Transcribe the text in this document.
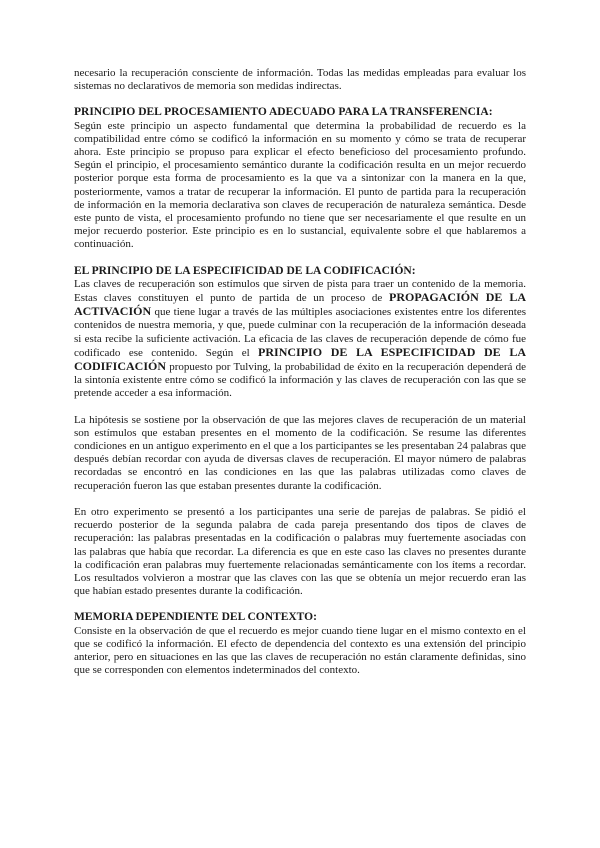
necesario la recuperación consciente de información. Todas las medidas empleadas para evaluar los sistemas no declarativos de memoria son medidas indirectas.

PRINCIPIO DEL PROCESAMIENTO ADECUADO PARA LA TRANSFERENCIA:

Según este principio un aspecto fundamental que determina la probabilidad de recuerdo es la compatibilidad entre cómo se codificó la información en su momento y cómo se trata de recuperar ahora. Este principio se propuso para explicar el efecto beneficioso del procesamiento profundo. Según el principio, el procesamiento semántico durante la codificación resulta en un mejor recuerdo posterior porque esta forma de procesamiento es la que va a sintonizar con la manera en la que, posteriormente, vamos a tratar de recuperar la información. El punto de partida para la recuperación de información en la memoria declarativa son claves de recuperación de naturaleza semántica. Desde este punto de vista, el procesamiento profundo no tiene que ser necesariamente el que resulte en un mejor recuerdo posterior. Este principio es en lo sustancial, equivalente sobre el que hablaremos a continuación.

EL PRINCIPIO DE LA ESPECIFICIDAD DE LA CODIFICACIÓN:

Las claves de recuperación son estímulos que sirven de pista para traer un contenido de la memoria. Estas claves constituyen el punto de partida de un proceso de PROPAGACIÓN DE LA ACTIVACIÓN que tiene lugar a través de las múltiples asociaciones existentes entre los diferentes contenidos de nuestra memoria, y que, puede culminar con la recuperación de la información deseada si esta recibe la suficiente activación. La eficacia de las claves de recuperación depende de cómo fue codificado ese contenido. Según el PRINCIPIO DE LA ESPECIFICIDAD DE LA CODIFICACIÓN propuesto por Tulving, la probabilidad de éxito en la recuperación dependerá de la sintonía existente entre cómo se codificó la información y las claves de recuperación con las que se pretende acceder a esa información.

La hipótesis se sostiene por la observación de que las mejores claves de recuperación de un material son estímulos que estaban presentes en el momento de la codificación. Se resume las diferentes condiciones en un antiguo experimento en el que a los participantes se les presentaban 24 palabras que después debían recordar con ayuda de diversas claves de recuperación. El mayor número de palabras recordadas se encontró en las condiciones en las que las palabras utilizadas como claves de recuperación fueron las que estaban presentes durante la codificación.

En otro experimento se presentó a los participantes una serie de parejas de palabras. Se pidió el recuerdo posterior de la segunda palabra de cada pareja presentando dos tipos de claves de recuperación: las palabras presentadas en la codificación o palabras muy fuertemente asociadas con las palabras que había que recordar. La diferencia es que en este caso las claves no presentes durante la codificación eran palabras muy fuertemente relacionadas semánticamente con los ítems a recordar. Los resultados volvieron a mostrar que las claves con las que se obtenía un mejor recuerdo eran las que habían estado presentes durante la codificación.

MEMORIA DEPENDIENTE DEL CONTEXTO:

Consiste en la observación de que el recuerdo es mejor cuando tiene lugar en el mismo contexto en el que se codificó la información. El efecto de dependencia del contexto es una extensión del principio anterior, pero en situaciones en las que las claves de recuperación no están claramente definidas, sino que se corresponden con elementos indeterminados del contexto.
